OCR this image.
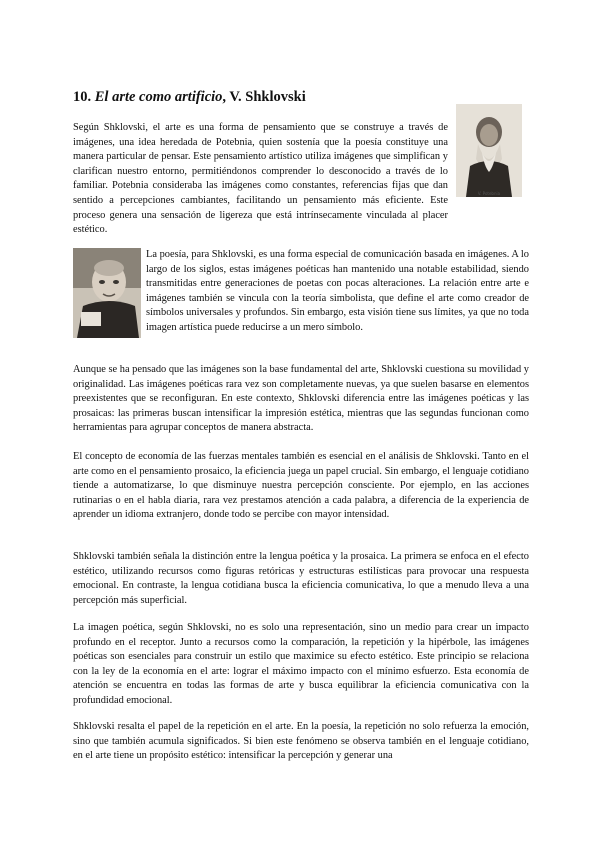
10. El arte como artificio, V. Shklovski
V. Potebnia

Según Shklovski, el arte es una forma de pensamiento que se construye a través de imágenes, una idea heredada de Potebnia, quien sostenía que la poesía constituye una manera particular de pensar. Este pensamiento artístico utiliza imágenes que simplifican y clarifican nuestro entorno, permitiéndonos comprender lo desconocido a través de lo familiar. Potebnia consideraba las imágenes como constantes, referencias fijas que dan sentido a percepciones cambiantes, facilitando un pensamiento más eficiente. Este proceso genera una sensación de ligereza que está intrínsecamente vinculada al placer estético.

La poesía, para Shklovski, es una forma especial de comunicación basada en imágenes. A lo largo de los siglos, estas imágenes poéticas han mantenido una notable estabilidad, siendo transmitidas entre generaciones de poetas con pocas alteraciones. La relación entre arte e imágenes también se vincula con la teoría simbolista, que define el arte como creador de símbolos universales y profundos. Sin embargo, esta visión tiene sus límites, ya que no toda imagen artística puede reducirse a un mero símbolo.

Aunque se ha pensado que las imágenes son la base fundamental del arte, Shklovski cuestiona su movilidad y originalidad. Las imágenes poéticas rara vez son completamente nuevas, ya que suelen basarse en elementos preexistentes que se reconfiguran. En este contexto, Shklovski diferencia entre las imágenes poéticas y las prosaicas: las primeras buscan intensificar la impresión estética, mientras que las segundas funcionan como herramientas para agrupar conceptos de manera abstracta.

El concepto de economía de las fuerzas mentales también es esencial en el análisis de Shklovski. Tanto en el arte como en el pensamiento prosaico, la eficiencia juega un papel crucial. Sin embargo, el lenguaje cotidiano tiende a automatizarse, lo que disminuye nuestra percepción consciente. Por ejemplo, en las acciones rutinarias o en el habla diaria, rara vez prestamos atención a cada palabra, a diferencia de la experiencia de aprender un idioma extranjero, donde todo se percibe con mayor intensidad.

Shklovski también señala la distinción entre la lengua poética y la prosaica. La primera se enfoca en el efecto estético, utilizando recursos como figuras retóricas y estructuras estilísticas para provocar una respuesta emocional. En contraste, la lengua cotidiana busca la eficiencia comunicativa, lo que a menudo lleva a una percepción más superficial.

La imagen poética, según Shklovski, no es solo una representación, sino un medio para crear un impacto profundo en el receptor. Junto a recursos como la comparación, la repetición y la hipérbole, las imágenes poéticas son esenciales para construir un estilo que maximice su efecto estético. Este principio se relaciona con la ley de la economía en el arte: lograr el máximo impacto con el mínimo esfuerzo. Esta economía de atención se encuentra en todas las formas de arte y busca equilibrar la eficiencia comunicativa con la profundidad emocional.

Shklovski resalta el papel de la repetición en el arte. En la poesía, la repetición no solo refuerza la emoción, sino que también acumula significados. Si bien este fenómeno se observa también en el lenguaje cotidiano, en el arte tiene un propósito estético: intensificar la percepción y generar una
